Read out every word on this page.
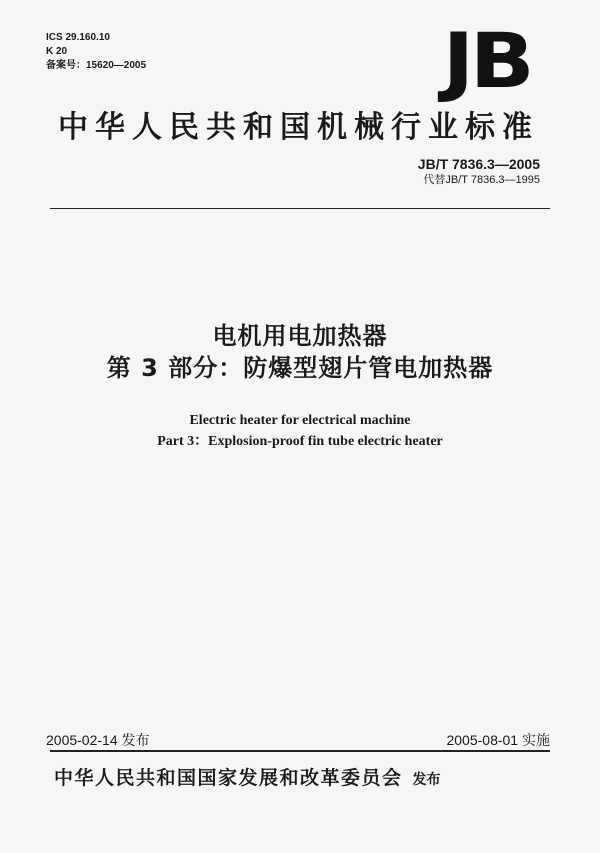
ICS 29.160.10
K 20
备案号：15620—2005	JB
中华人民共和国机械行业标准
JB/T 7836.3—2005
代替JB/T 7836.3—1995
电机用电加热器
第 3 部分：防爆型翅片管电加热器
Electric heater for electrical machine
Part 3：Explosion-proof fin tube electric heater
2005-02-14 发布	2005-08-01 实施
中华人民共和国国家发展和改革委员会 发布
